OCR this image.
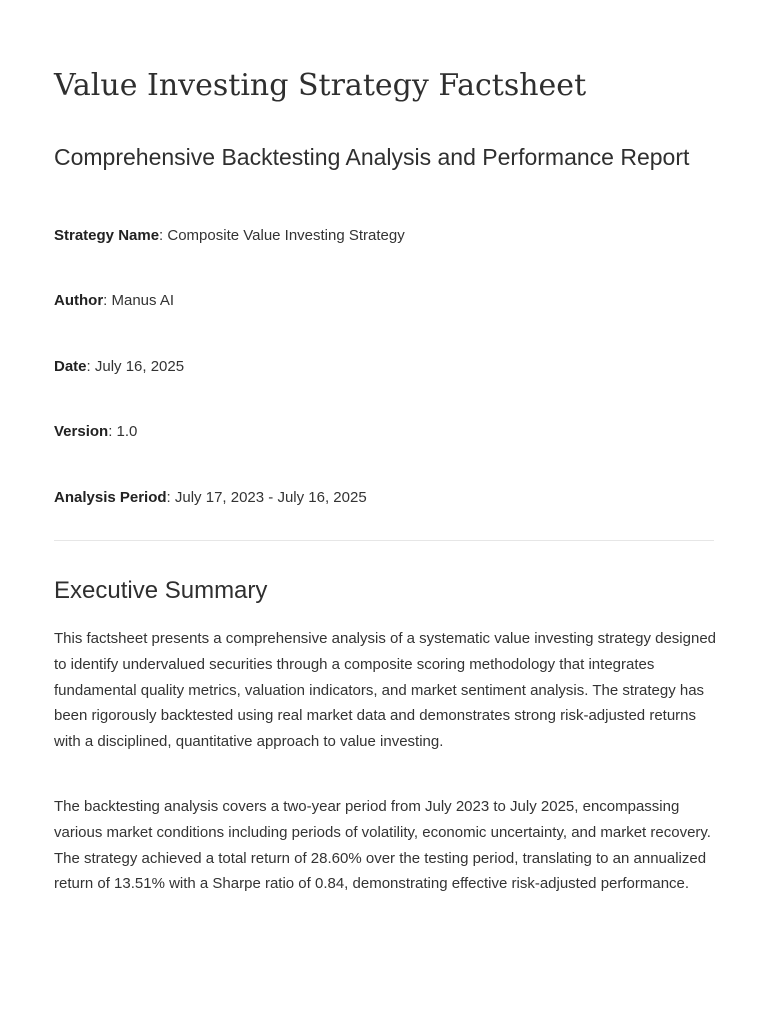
Value Investing Strategy Factsheet
Comprehensive Backtesting Analysis and Performance Report

Strategy Name: Composite Value Investing Strategy

Author: Manus AI

Date: July 16, 2025

Version: 1.0

Analysis Period: July 17, 2023 - July 16, 2025

Executive Summary

This factsheet presents a comprehensive analysis of a systematic value investing strategy designed to identify undervalued securities through a composite scoring methodology that integrates fundamental quality metrics, valuation indicators, and market sentiment analysis. The strategy has been rigorously backtested using real market data and demonstrates strong risk-adjusted returns with a disciplined, quantitative approach to value investing.

The backtesting analysis covers a two-year period from July 2023 to July 2025, encompassing various market conditions including periods of volatility, economic uncertainty, and market recovery. The strategy achieved a total return of 28.60% over the testing period, translating to an annualized return of 13.51% with a Sharpe ratio of 0.84, demonstrating effective risk-adjusted performance.
